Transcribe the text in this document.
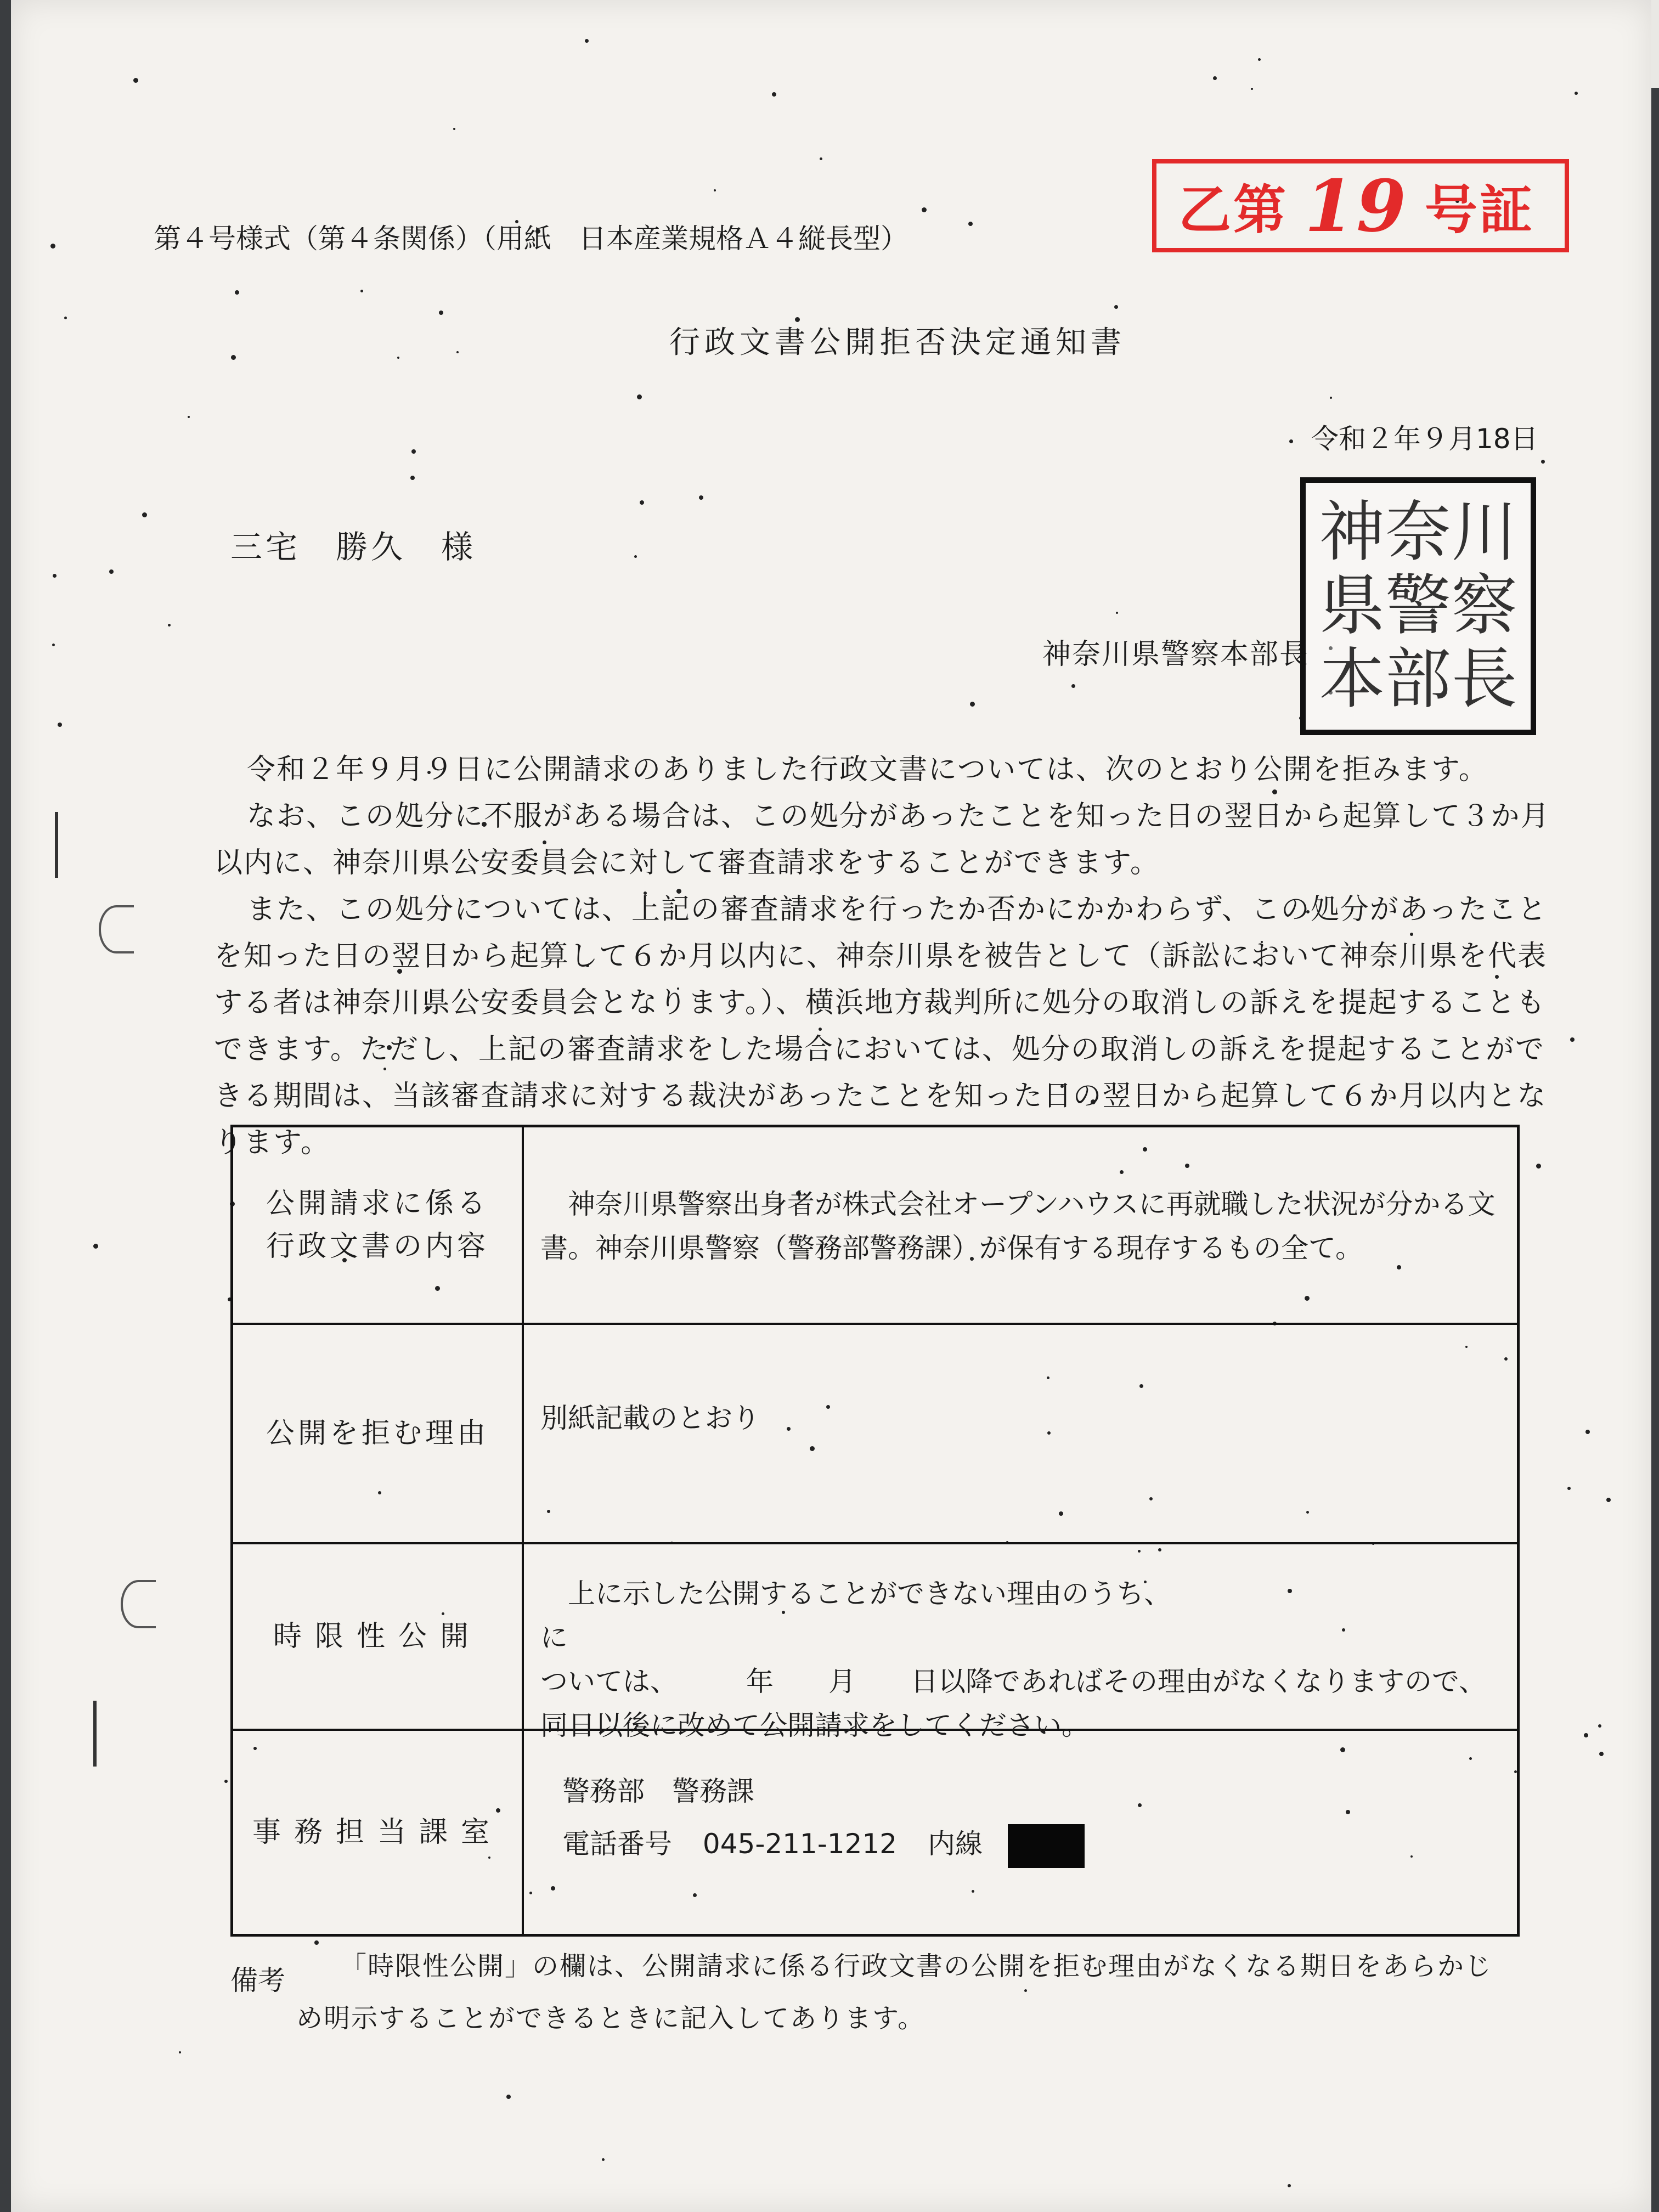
第４号様式（第４条関係）（用紙　日本産業規格Ａ４縦長型）	乙第 19 号証
行政文書公開拒否決定通知書
令和２年９月18日
三宅　勝久　様
神奈川県警察本部長
神 奈 川
県 警 察
本 部 長
令和２年９月９日に公開請求のありました行政文書については、次のとおり公開を拒みます。
なお、この処分に不服がある場合は、この処分があったことを知った日の翌日から起算して３か月
以内に、神奈川県公安委員会に対して審査請求をすることができます。
また、この処分については、上記の審査請求を行ったか否かにかかわらず、この処分があったこと
を知った日の翌日から起算して６か月以内に、神奈川県を被告として（訴訟において神奈川県を代表
する者は神奈川県公安委員会となります。）、横浜地方裁判所に処分の取消しの訴えを提起することも
できます。ただし、上記の審査請求をした場合においては、処分の取消しの訴えを提起することがで
きる期間は、当該審査請求に対する裁決があったことを知った日の翌日から起算して６か月以内とな
ります。
公開請求に係る
行政文書の内容
　神奈川県警察出身者が株式会社オープンハウスに再就職した状況が分かる文
書。神奈川県警察（警務部警務課）が保有する現存するもの全て。
公開を拒む理由 別紙記載のとおり
時限性公開
　上に示した公開することができない理由のうち、　　　　　　　　　　　　に
ついては、　　　年　　月　　日以降であればその理由がなくなりますので、
同日以後に改めて公開請求をしてください。
事務担当課室
警務部　警務課
電話番号 045-211-1212 内線
備考 「時限性公開」の欄は、公開請求に係る行政文書の公開を拒む理由がなくなる期日をあらかじ
め明示することができるときに記入してあります。
